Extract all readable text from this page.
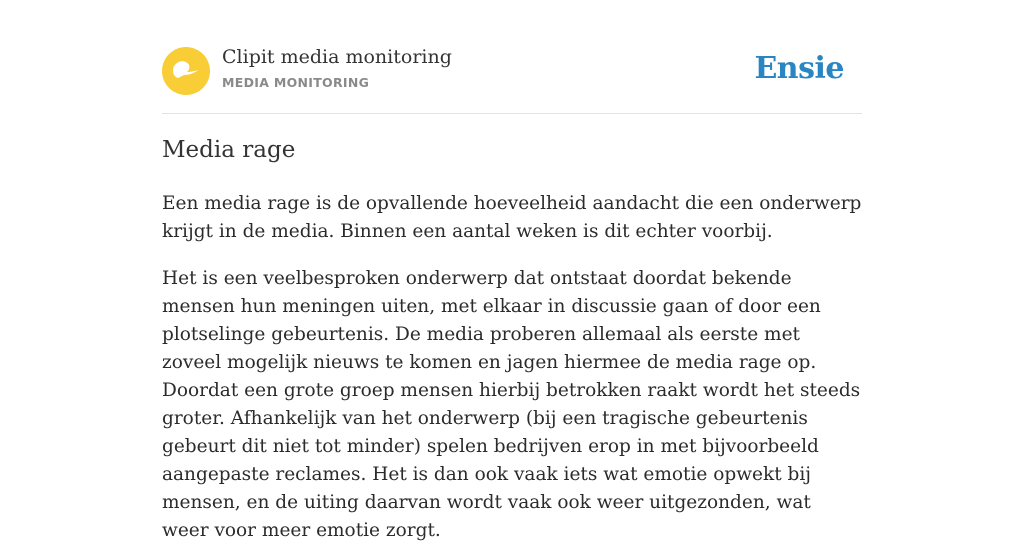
Clipit media monitoring
MEDIA MONITORING	Ensie
Media rage

Een media rage is de opvallende hoeveelheid aandacht die een onderwerp krijgt in de media. Binnen een aantal weken is dit echter voorbij.

Het is een veelbesproken onderwerp dat ontstaat doordat bekende mensen hun meningen uiten, met elkaar in discussie gaan of door een plotselinge gebeurtenis. De media proberen allemaal als eerste met zoveel mogelijk nieuws te komen en jagen hiermee de media rage op. Doordat een grote groep mensen hierbij betrokken raakt wordt het steeds groter. Afhankelijk van het onderwerp (bij een tragische gebeurtenis gebeurt dit niet tot minder) spelen bedrijven erop in met bijvoorbeeld aangepaste reclames. Het is dan ook vaak iets wat emotie opwekt bij mensen, en de uiting daarvan wordt vaak ook weer uitgezonden, wat weer voor meer emotie zorgt.
